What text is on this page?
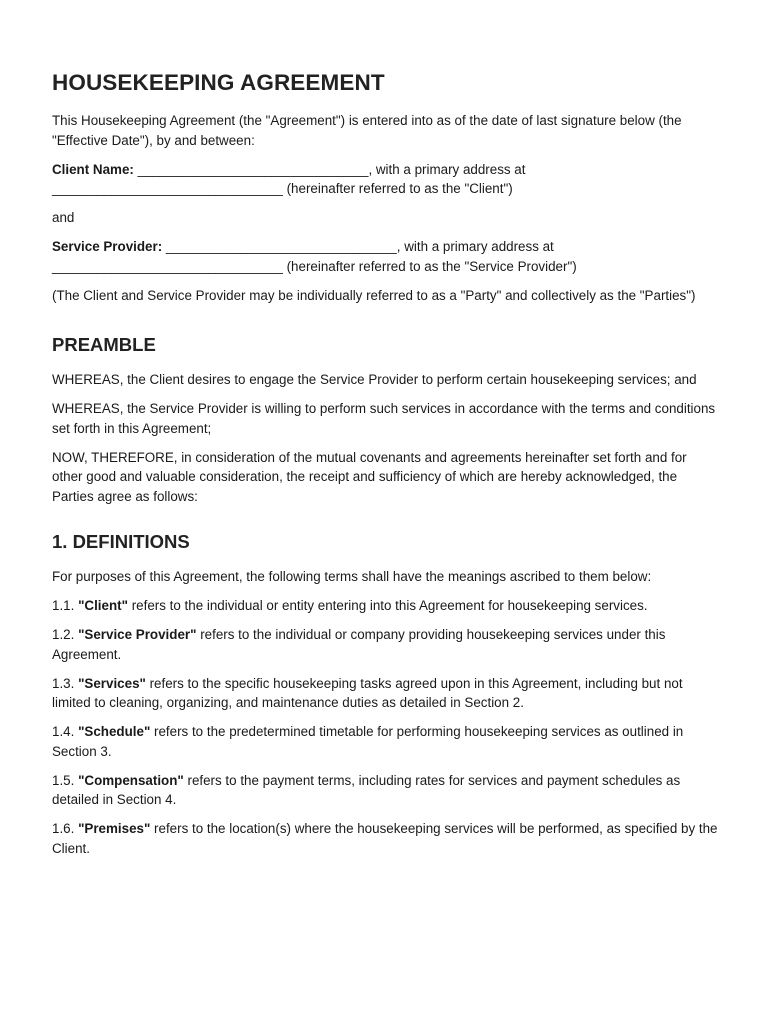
HOUSEKEEPING AGREEMENT

This Housekeeping Agreement (the "Agreement") is entered into as of the date of last signature below (the "Effective Date"), by and between:

Client Name: _______________________________, with a primary address at _______________________________ (hereinafter referred to as the "Client")

and

Service Provider: _______________________________, with a primary address at _______________________________ (hereinafter referred to as the "Service Provider")

(The Client and Service Provider may be individually referred to as a "Party" and collectively as the "Parties")

PREAMBLE

WHEREAS, the Client desires to engage the Service Provider to perform certain housekeeping services; and

WHEREAS, the Service Provider is willing to perform such services in accordance with the terms and conditions set forth in this Agreement;

NOW, THEREFORE, in consideration of the mutual covenants and agreements hereinafter set forth and for other good and valuable consideration, the receipt and sufficiency of which are hereby acknowledged, the Parties agree as follows:

1. DEFINITIONS

For purposes of this Agreement, the following terms shall have the meanings ascribed to them below:

1.1. "Client" refers to the individual or entity entering into this Agreement for housekeeping services.

1.2. "Service Provider" refers to the individual or company providing housekeeping services under this Agreement.

1.3. "Services" refers to the specific housekeeping tasks agreed upon in this Agreement, including but not limited to cleaning, organizing, and maintenance duties as detailed in Section 2.

1.4. "Schedule" refers to the predetermined timetable for performing housekeeping services as outlined in Section 3.

1.5. "Compensation" refers to the payment terms, including rates for services and payment schedules as detailed in Section 4.

1.6. "Premises" refers to the location(s) where the housekeeping services will be performed, as specified by the Client.
